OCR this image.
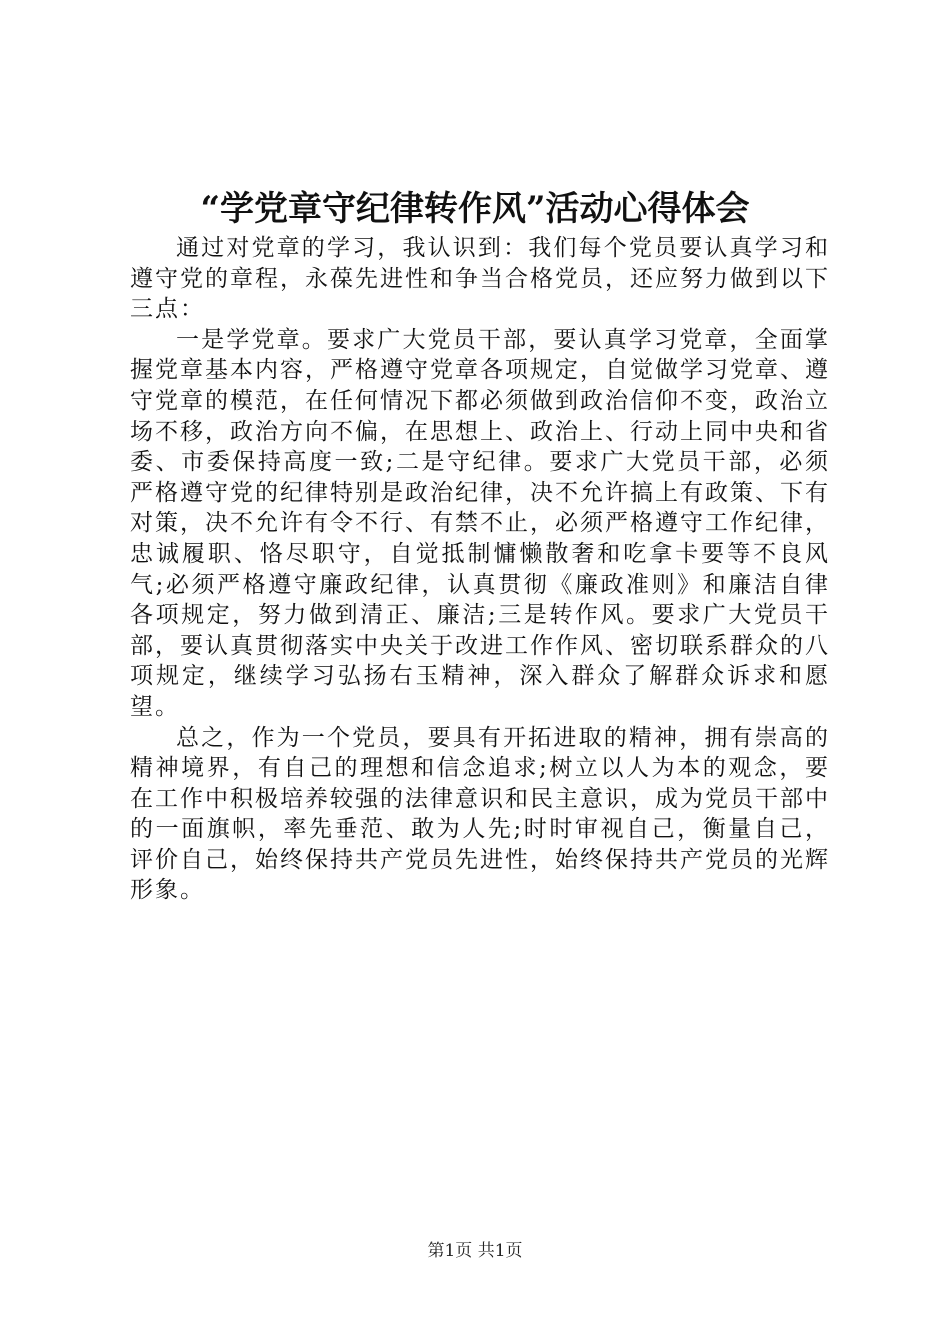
“学党章守纪律转作风”活动心得体会

通过对党章的学习，我认识到：我们每个党员要认真学习和遵守党的章程，永葆先进性和争当合格党员，还应努力做到以下三点：

一是学党章。要求广大党员干部，要认真学习党章，全面掌握党章基本内容，严格遵守党章各项规定，自觉做学习党章、遵守党章的模范，在任何情况下都必须做到政治信仰不变，政治立场不移，政治方向不偏，在思想上、政治上、行动上同中央和省委、市委保持高度一致;二是守纪律。要求广大党员干部，必须严格遵守党的纪律特别是政治纪律，决不允许搞上有政策、下有对策，决不允许有令不行、有禁不止，必须严格遵守工作纪律，忠诚履职、恪尽职守，自觉抵制慵懒散奢和吃拿卡要等不良风气;必须严格遵守廉政纪律，认真贯彻《廉政准则》和廉洁自律各项规定，努力做到清正、廉洁;三是转作风。要求广大党员干部，要认真贯彻落实中央关于改进工作作风、密切联系群众的八项规定，继续学习弘扬右玉精神，深入群众了解群众诉求和愿望。

总之，作为一个党员，要具有开拓进取的精神，拥有崇高的精神境界，有自己的理想和信念追求;树立以人为本的观念，要在工作中积极培养较强的法律意识和民主意识，成为党员干部中的一面旗帜，率先垂范、敢为人先;时时审视自己，衡量自己，评价自己，始终保持共产党员先进性，始终保持共产党员的光辉形象。

第1页 共1页
